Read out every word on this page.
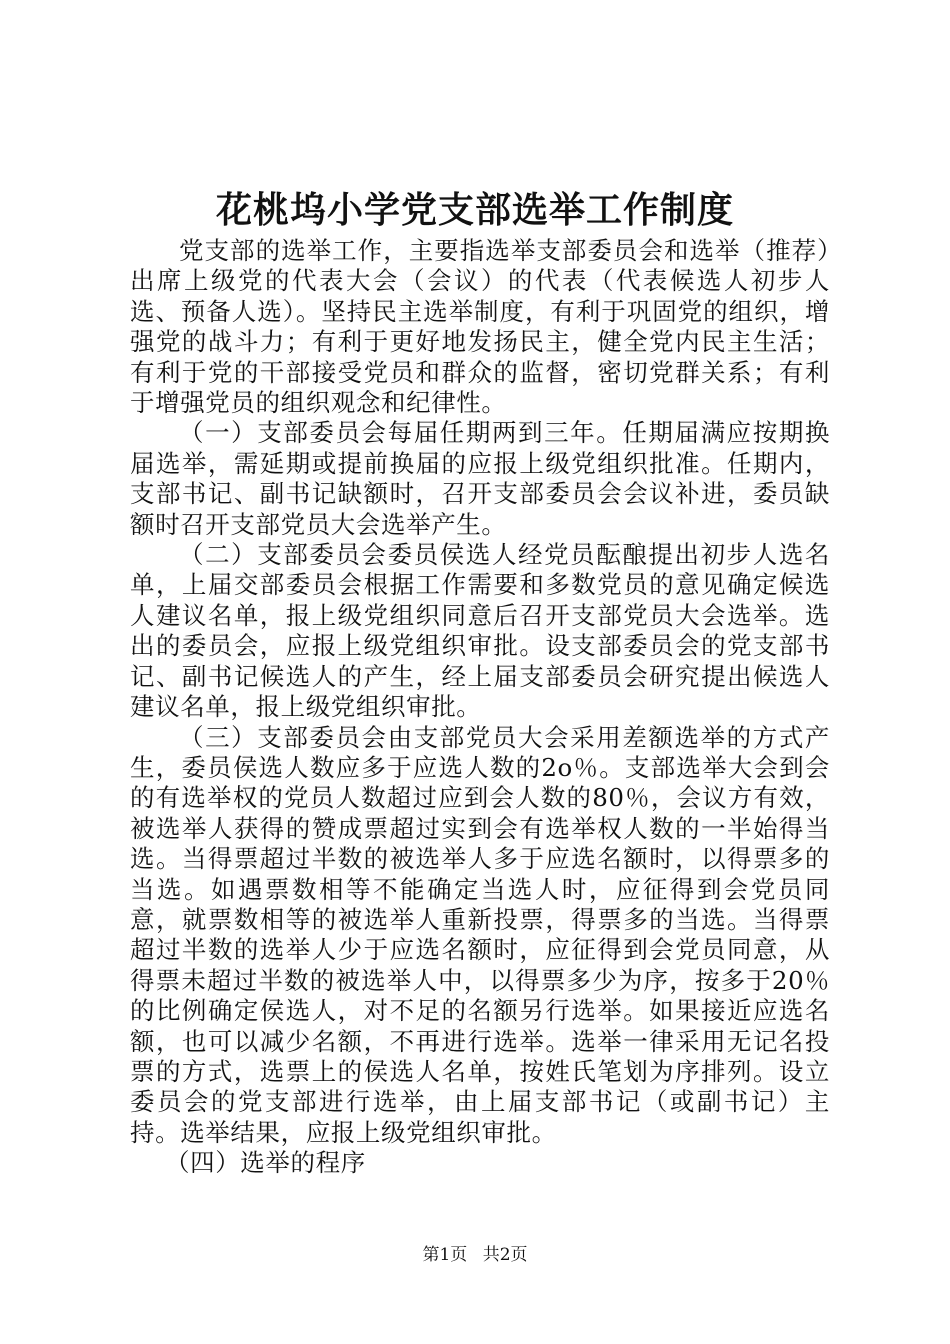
花桃坞小学党支部选举工作制度

党支部的选举工作，主要指选举支部委员会和选举（推荐）出席上级党的代表大会（会议）的代表（代表候选人初步人选、预备人选）。坚持民主选举制度，有利于巩固党的组织，增强党的战斗力；有利于更好地发扬民主，健全党内民主生活；有利于党的干部接受党员和群众的监督，密切党群关系；有利于增强党员的组织观念和纪律性。

（一）支部委员会每届任期两到三年。任期届满应按期换届选举，需延期或提前换届的应报上级党组织批准。任期内，支部书记、副书记缺额时，召开支部委员会会议补进，委员缺额时召开支部党员大会选举产生。

（二）支部委员会委员侯选人经党员酝酿提出初步人选名单，上届交部委员会根据工作需要和多数党员的意见确定候选人建议名单，报上级党组织同意后召开支部党员大会选举。选出的委员会，应报上级党组织审批。设支部委员会的党支部书记、副书记候选人的产生，经上届支部委员会研究提出候选人建议名单，报上级党组织审批。

（三）支部委员会由支部党员大会采用差额选举的方式产生，委员侯选人数应多于应选人数的2o％。支部选举大会到会的有选举权的党员人数超过应到会人数的80％，会议方有效，被选举人获得的赞成票超过实到会有选举权人数的一半始得当选。当得票超过半数的被选举人多于应选名额时，以得票多的当选。如遇票数相等不能确定当选人时，应征得到会党员同意，就票数相等的被选举人重新投票，得票多的当选。当得票超过半数的选举人少于应选名额时，应征得到会党员同意，从得票未超过半数的被选举人中，以得票多少为序，按多于20％的比例确定侯选人，对不足的名额另行选举。如果接近应选名额，也可以减少名额，不再进行选举。选举一律采用无记名投票的方式，选票上的侯选人名单，按姓氏笔划为序排列。设立委员会的党支部进行选举，由上届支部书记（或副书记）主持。选举结果，应报上级党组织审批。

（四）选举的程序

第1页 共2页
